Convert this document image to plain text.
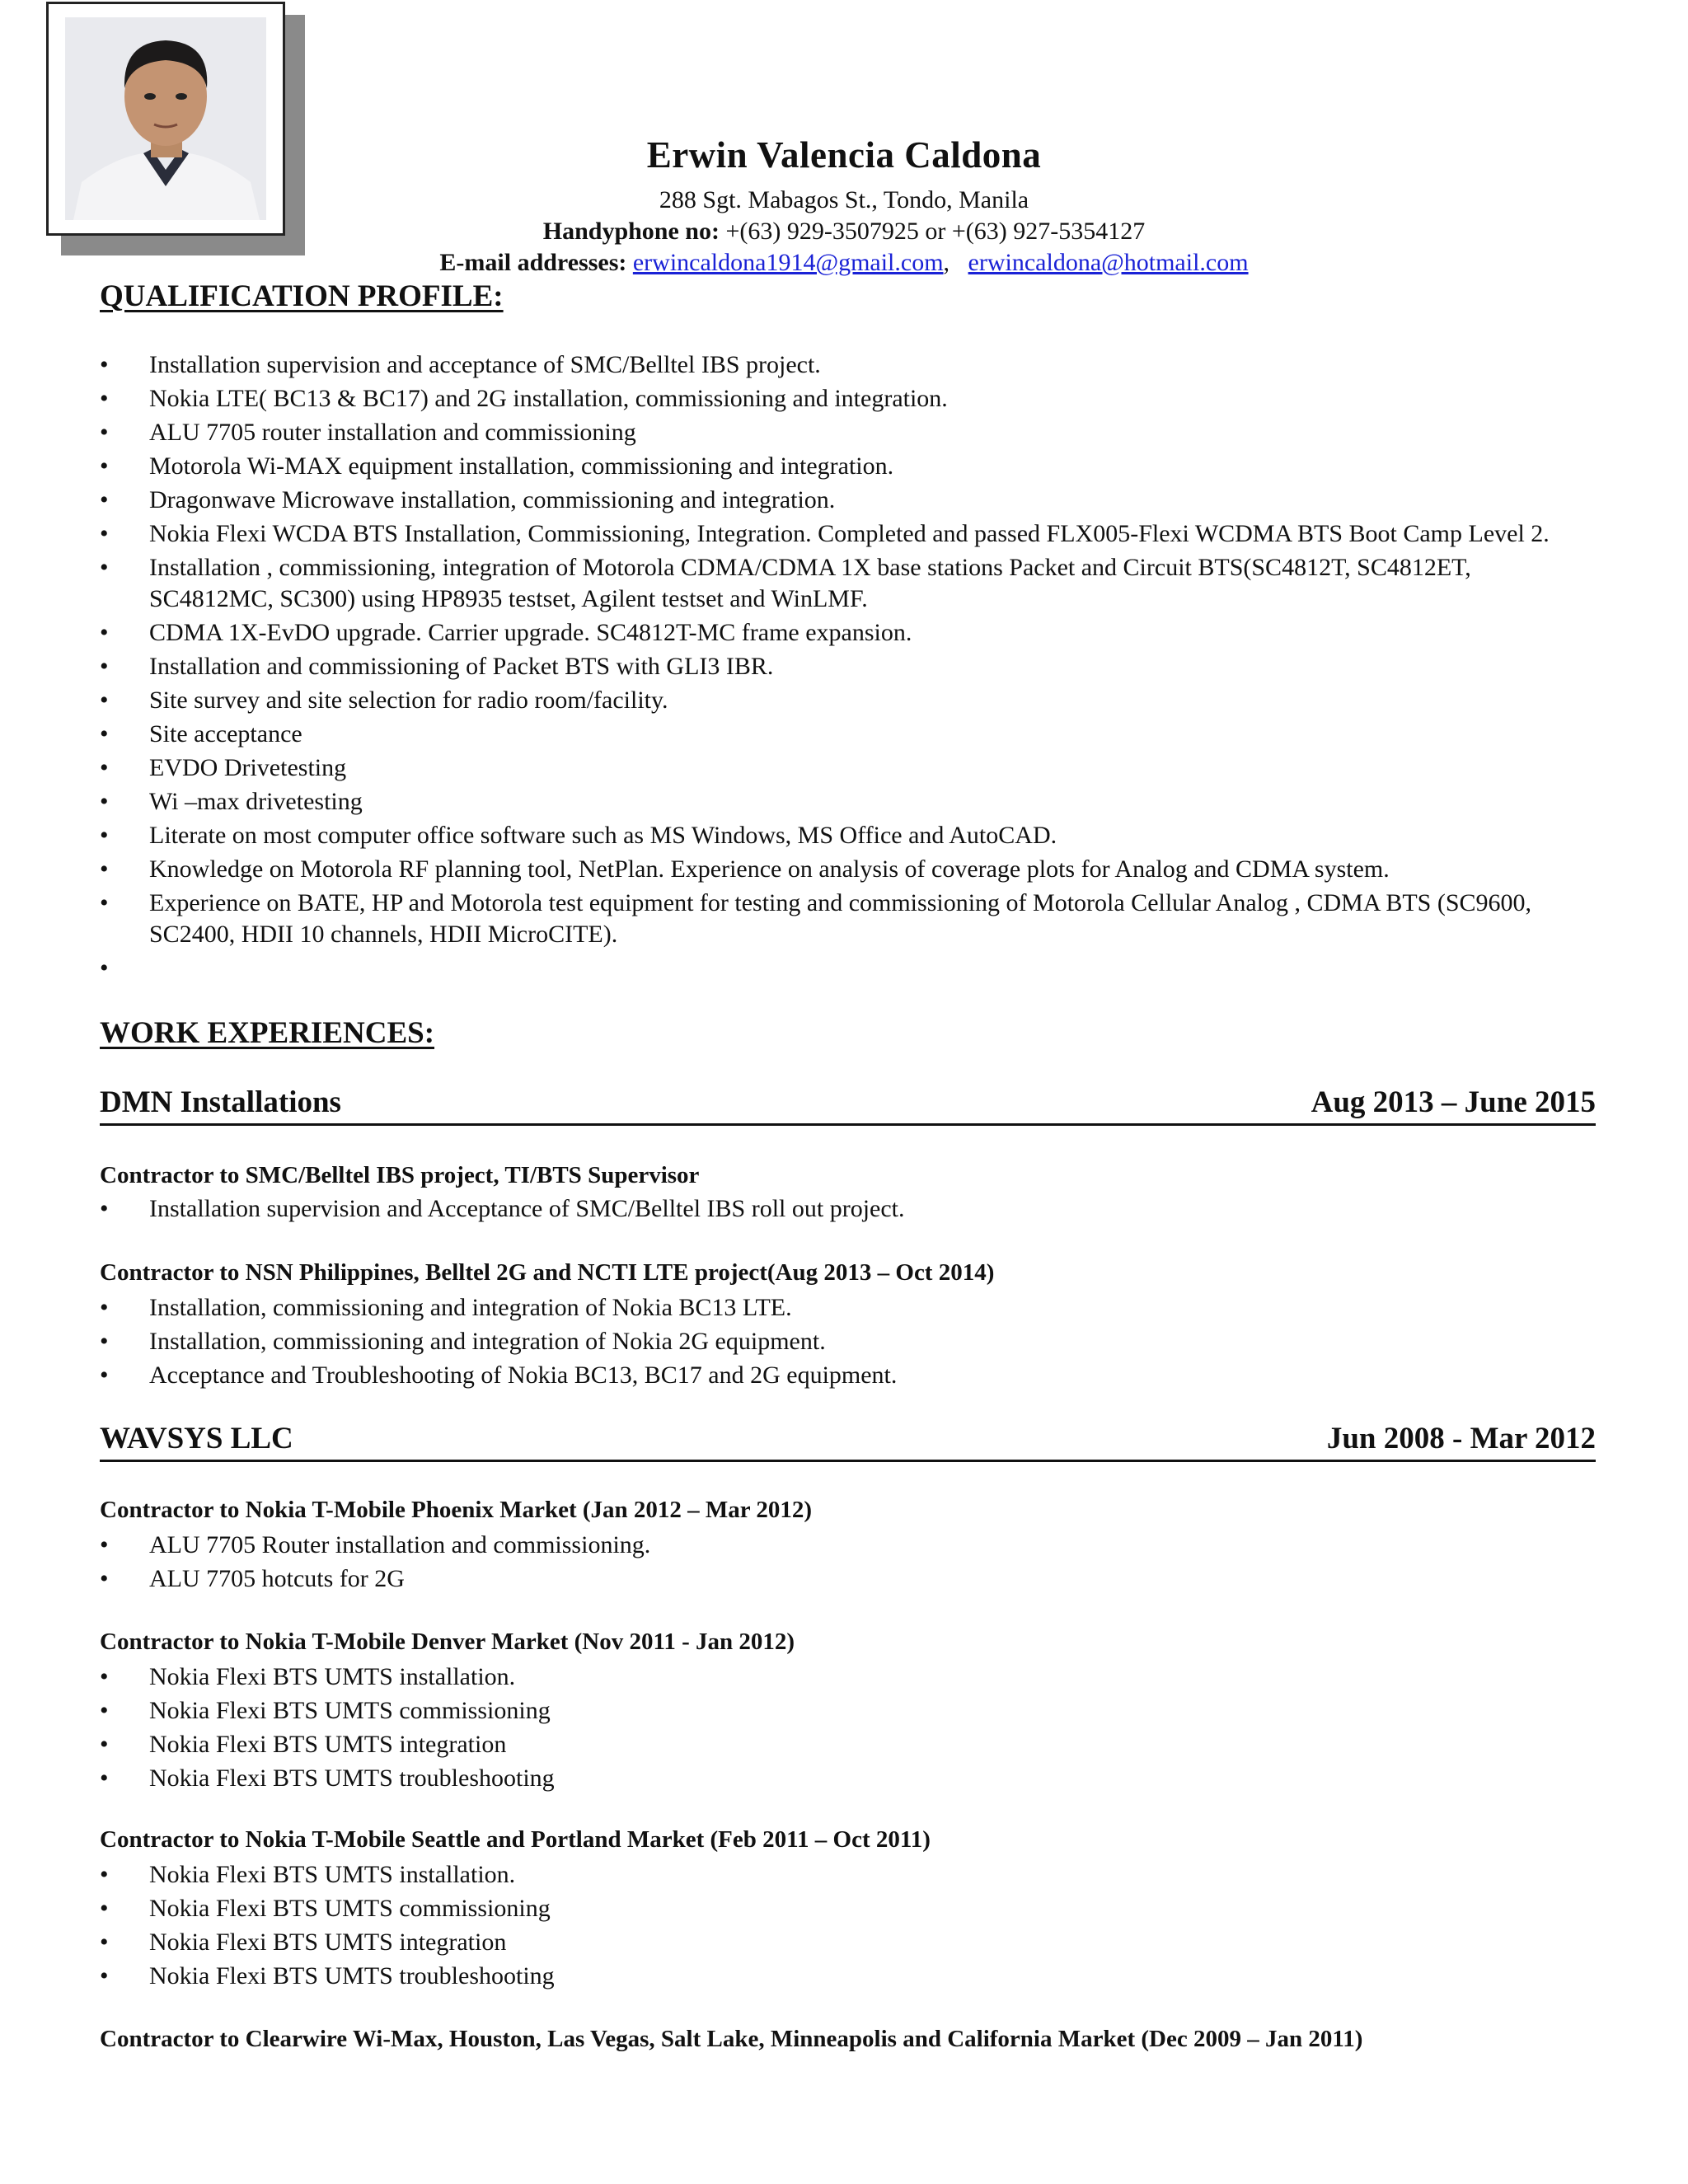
Erwin Valencia Caldona
288 Sgt. Mabagos St., Tondo, Manila
Handyphone no: +(63) 929-3507925 or +(63) 927-5354127
E-mail addresses: erwincaldona1914@gmail.com, erwincaldona@hotmail.com
QUALIFICATION PROFILE:
• Installation supervision and acceptance of SMC/Belltel IBS project.
• Nokia LTE( BC13 & BC17) and 2G installation, commissioning and integration.
• ALU 7705 router installation and commissioning
• Motorola Wi-MAX equipment installation, commissioning and integration.
• Dragonwave Microwave installation, commissioning and integration.
• Nokia Flexi WCDA BTS Installation, Commissioning, Integration. Completed and passed FLX005-Flexi WCDMA BTS Boot Camp Level 2.
• Installation , commissioning, integration of Motorola CDMA/CDMA 1X base stations Packet and Circuit BTS(SC4812T, SC4812ET, SC4812MC, SC300) using HP8935 testset, Agilent testset and WinLMF.
• CDMA 1X-EvDO upgrade. Carrier upgrade. SC4812T-MC frame expansion.
• Installation and commissioning of Packet BTS with GLI3 IBR.
• Site survey and site selection for radio room/facility.
• Site acceptance
• EVDO Drivetesting
• Wi –max drivetesting
• Literate on most computer office software such as MS Windows, MS Office and AutoCAD.
• Knowledge on Motorola RF planning tool, NetPlan. Experience on analysis of coverage plots for Analog and CDMA system.
• Experience on BATE, HP and Motorola test equipment for testing and commissioning of Motorola Cellular Analog , CDMA BTS (SC9600, SC2400, HDII 10 channels, HDII MicroCITE).
•
WORK EXPERIENCES:
DMN Installations	Aug 2013 – June 2015
Contractor to SMC/Belltel IBS project, TI/BTS Supervisor
• Installation supervision and Acceptance of SMC/Belltel IBS roll out project.
Contractor to NSN Philippines, Belltel 2G and NCTI LTE project(Aug 2013 – Oct 2014)
• Installation, commissioning and integration of Nokia BC13 LTE.
• Installation, commissioning and integration of Nokia 2G equipment.
• Acceptance and Troubleshooting of Nokia BC13, BC17 and 2G equipment.
WAVSYS LLC	Jun 2008 - Mar 2012
Contractor to Nokia T-Mobile Phoenix Market (Jan 2012 – Mar 2012)
• ALU 7705 Router installation and commissioning.
• ALU 7705 hotcuts for 2G
Contractor to Nokia T-Mobile Denver Market (Nov 2011 - Jan 2012)
• Nokia Flexi BTS UMTS installation.
• Nokia Flexi BTS UMTS commissioning
• Nokia Flexi BTS UMTS integration
• Nokia Flexi BTS UMTS troubleshooting
Contractor to Nokia T-Mobile Seattle and Portland Market (Feb 2011 – Oct 2011)
• Nokia Flexi BTS UMTS installation.
• Nokia Flexi BTS UMTS commissioning
• Nokia Flexi BTS UMTS integration
• Nokia Flexi BTS UMTS troubleshooting
Contractor to Clearwire Wi-Max, Houston, Las Vegas, Salt Lake, Minneapolis and California Market (Dec 2009 – Jan 2011)
